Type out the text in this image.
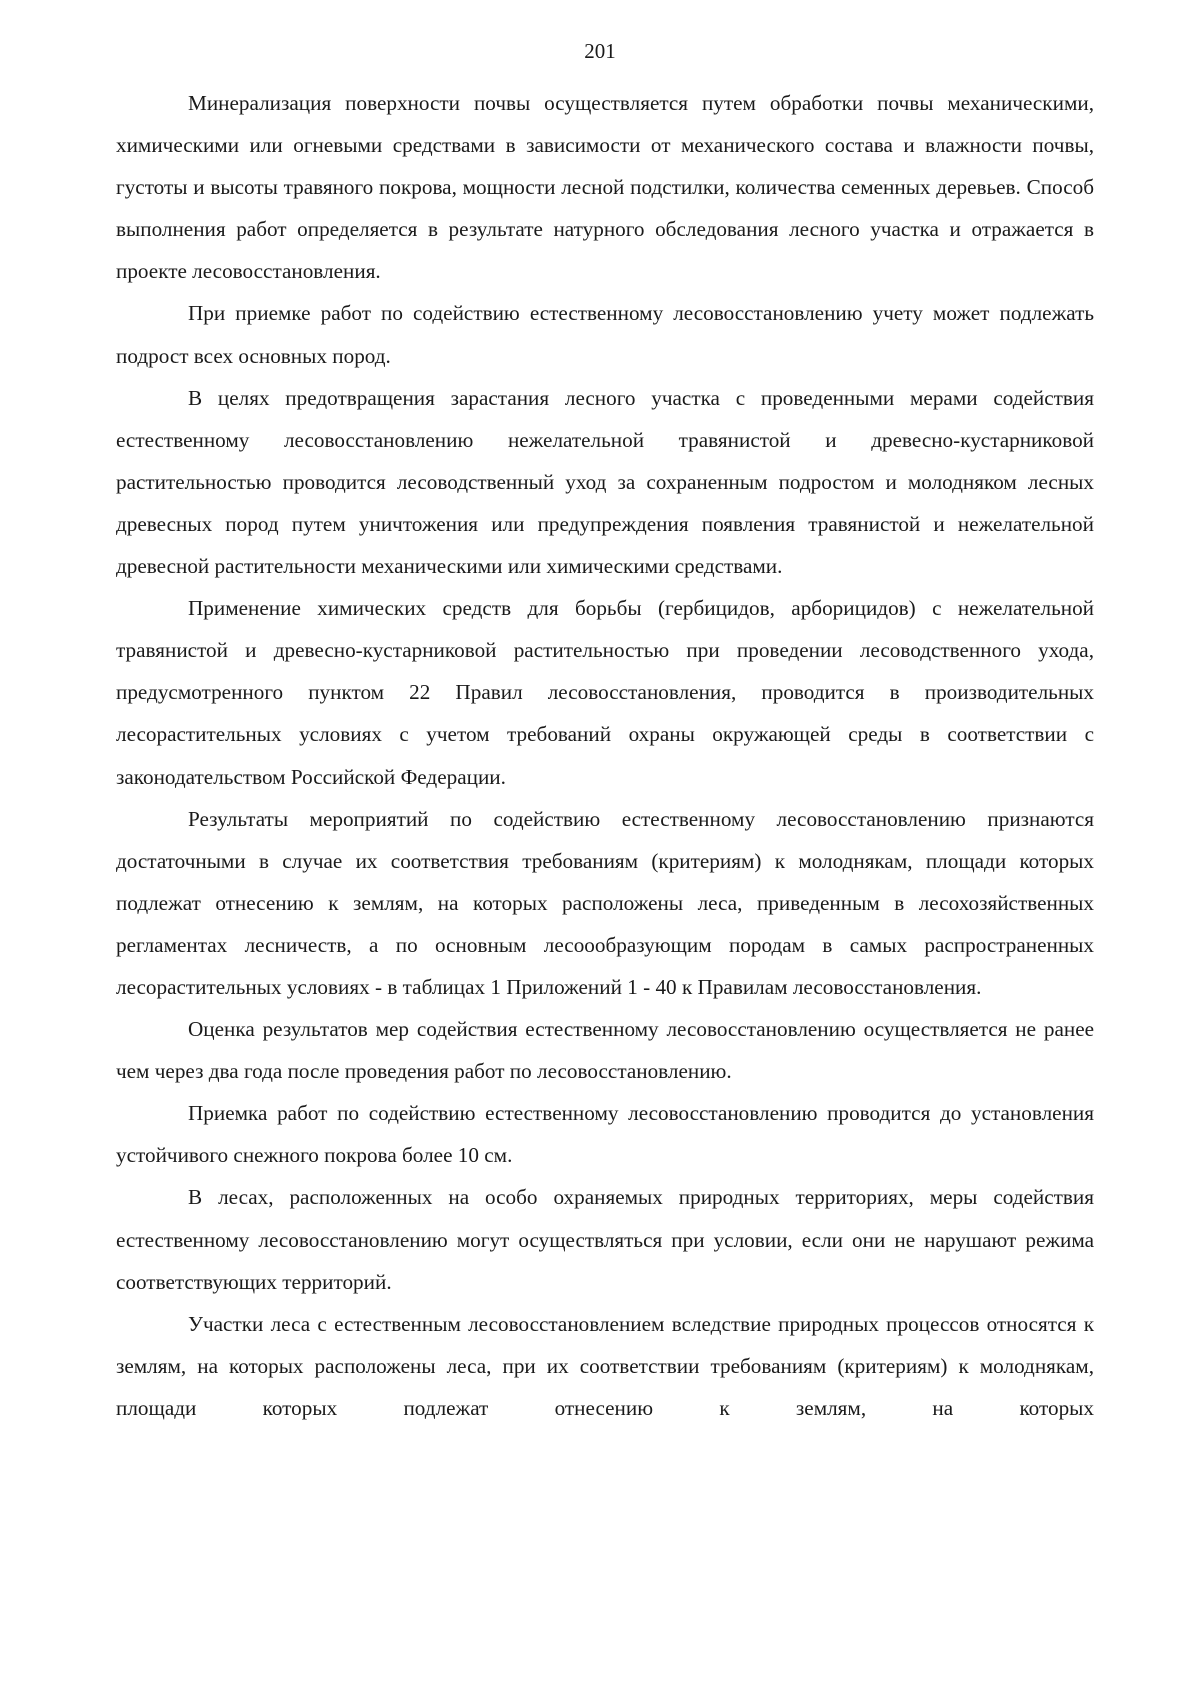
201

Минерализация поверхности почвы осуществляется путем обработки почвы механическими, химическими или огневыми средствами в зависимости от механического состава и влажности почвы, густоты и высоты травяного покрова, мощности лесной подстилки, количества семенных деревьев. Способ выполнения работ определяется в результате натурного обследования лесного участка и отражается в проекте лесовосстановления.

При приемке работ по содействию естественному лесовосстановлению учету может подлежать подрост всех основных пород.

В целях предотвращения зарастания лесного участка с проведенными мерами содействия естественному лесовосстановлению нежелательной травянистой и древесно-кустарниковой растительностью проводится лесоводственный уход за сохраненным подростом и молодняком лесных древесных пород путем уничтожения или предупреждения появления травянистой и нежелательной древесной растительности механическими или химическими средствами.

Применение химических средств для борьбы (гербицидов, арборицидов) с нежелательной травянистой и древесно-кустарниковой растительностью при проведении лесоводственного ухода, предусмотренного пунктом 22 Правил лесовосстановления, проводится в производительных лесорастительных условиях с учетом требований охраны окружающей среды в соответствии с законодательством Российской Федерации.

Результаты мероприятий по содействию естественному лесовосстановлению признаются достаточными в случае их соответствия требованиям (критериям) к молоднякам, площади которых подлежат отнесению к землям, на которых расположены леса, приведенным в лесохозяйственных регламентах лесничеств, а по основным лесоообразующим породам в самых распространенных лесорастительных условиях - в таблицах 1 Приложений 1 - 40 к Правилам лесовосстановления.

Оценка результатов мер содействия естественному лесовосстановлению осуществляется не ранее чем через два года после проведения работ по лесовосстановлению.

Приемка работ по содействию естественному лесовосстановлению проводится до установления устойчивого снежного покрова более 10 см.

В лесах, расположенных на особо охраняемых природных территориях, меры содействия естественному лесовосстановлению могут осуществляться при условии, если они не нарушают режима соответствующих территорий.

Участки леса с естественным лесовосстановлением вследствие природных процессов относятся к землям, на которых расположены леса, при их соответствии требованиям (критериям) к молоднякам, площади которых подлежат отнесению к землям, на которых
